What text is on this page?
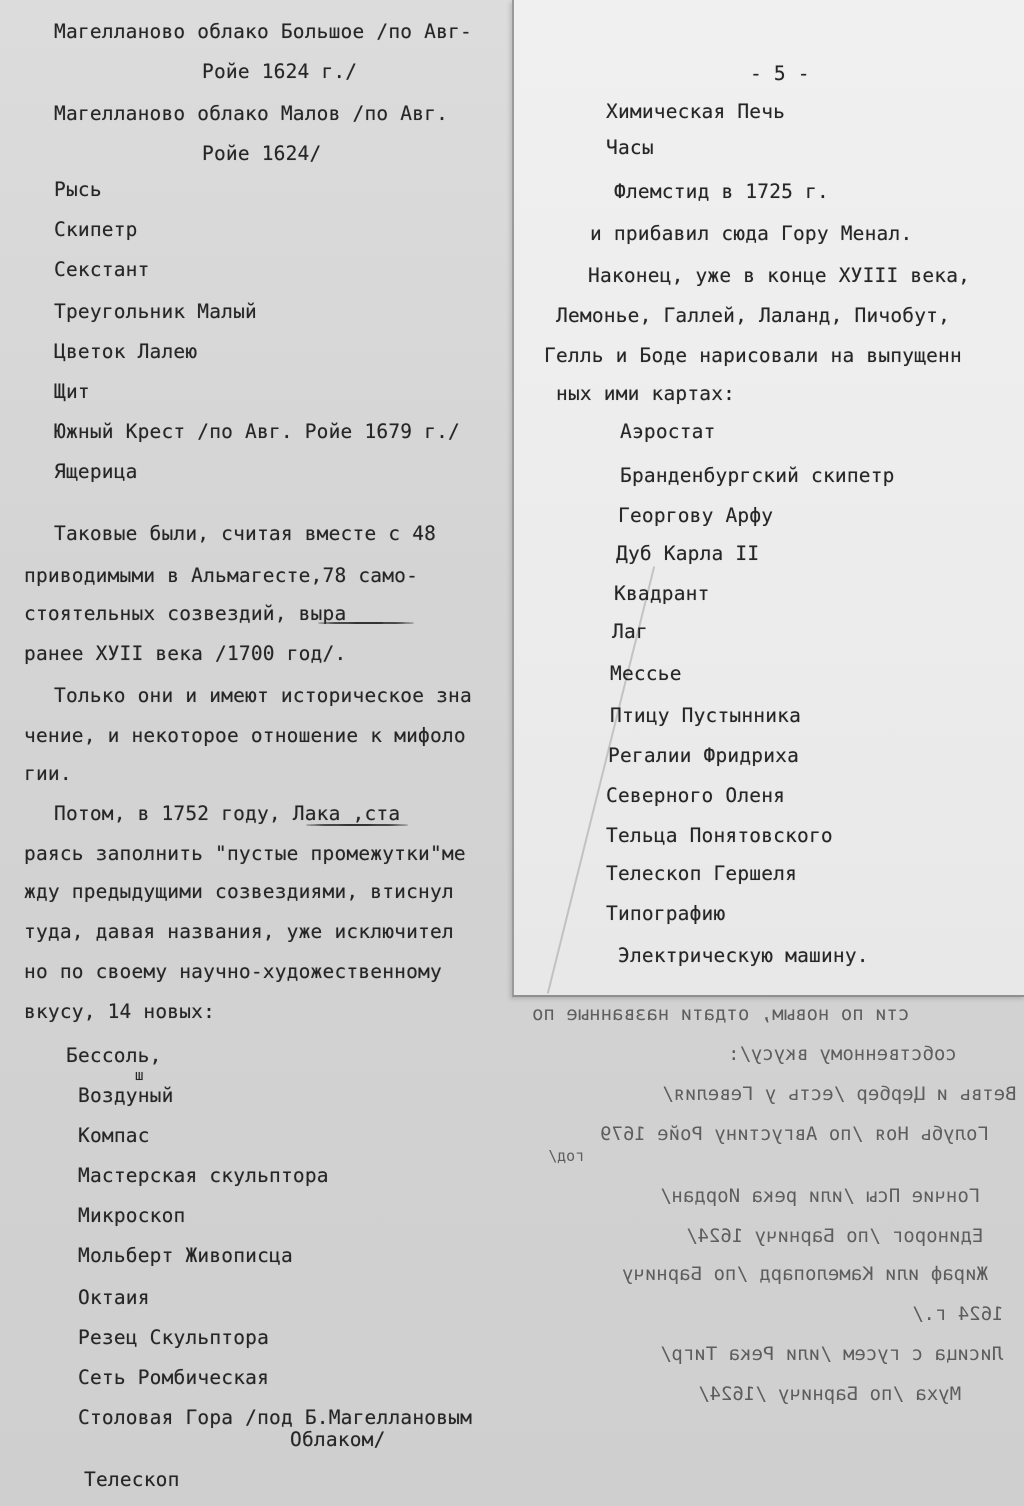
Магелланово облако Большое /по Авг-
Ройе 1624 г./
Магелланово облако Малов /по Авг.
Ройе 1624/
Рысь
Скипетр
Секстант
Треугольник Малый
Цветок Лалею
Щит
Южный Крест /по Авг. Ройе 1679 г./
Ящерица
Таковые были, считая вместе с 48
приводимыми в Альмагесте,78 само-
стоятельных созвездий, выра
ранее XУII века /1700 год/.
Только они и имеют историческое зна
чение, и некоторое отношение к мифоло
гии.
Потом, в 1752 году, Лака ,ста
раясь заполнить "пустые промежутки"ме
жду предыдущими созвездиями, втиснул
туда, давая названия, уже исключител
но по своему научно-художественному
вкусу, 14 новых:
Бессоль,
ш
Воздуный
Компас
Мастерская скульптора
Микроскоп
Мольберт Живописца
Октаия
Резец Скульптора
Сеть Ромбическая
Столовая Гора /под Б.Магеллановым
Облаком/
Телескоп
сти по новым, отдати названные по
собственному вкусу/:
Ветвь и Цербер /есть у Гевелия/
Голубь Ноя /по Августину Ройе 1679
год/
Гончие Псы /или река Иордан/
Единорог /по Барничу 1624/
Жираф или Камелопард /по Барничу
1624 г./
Лисица с гусем /или Река Тигр/
Муха /по Барничу /1624/
- 5 -
Химическая Печь
Часы
Флемстид в 1725 г.
и прибавил сюда Гору Менал.
Наконец, уже в конце XУIII века,
Лемонье, Галлей, Лаланд, Пичобут,
Гелль и Боде нарисовали на выпущенн
ных ими картах:
Аэростат
Бранденбургский скипетр
Георгову Арфу
Дуб Карла II
Квадрант
Лаг
Мессье
Птицу Пустынника
Регалии Фридриха
Северного Оленя
Тельца Понятовского
Телескоп Гершеля
Типографию
Электрическую машину.
